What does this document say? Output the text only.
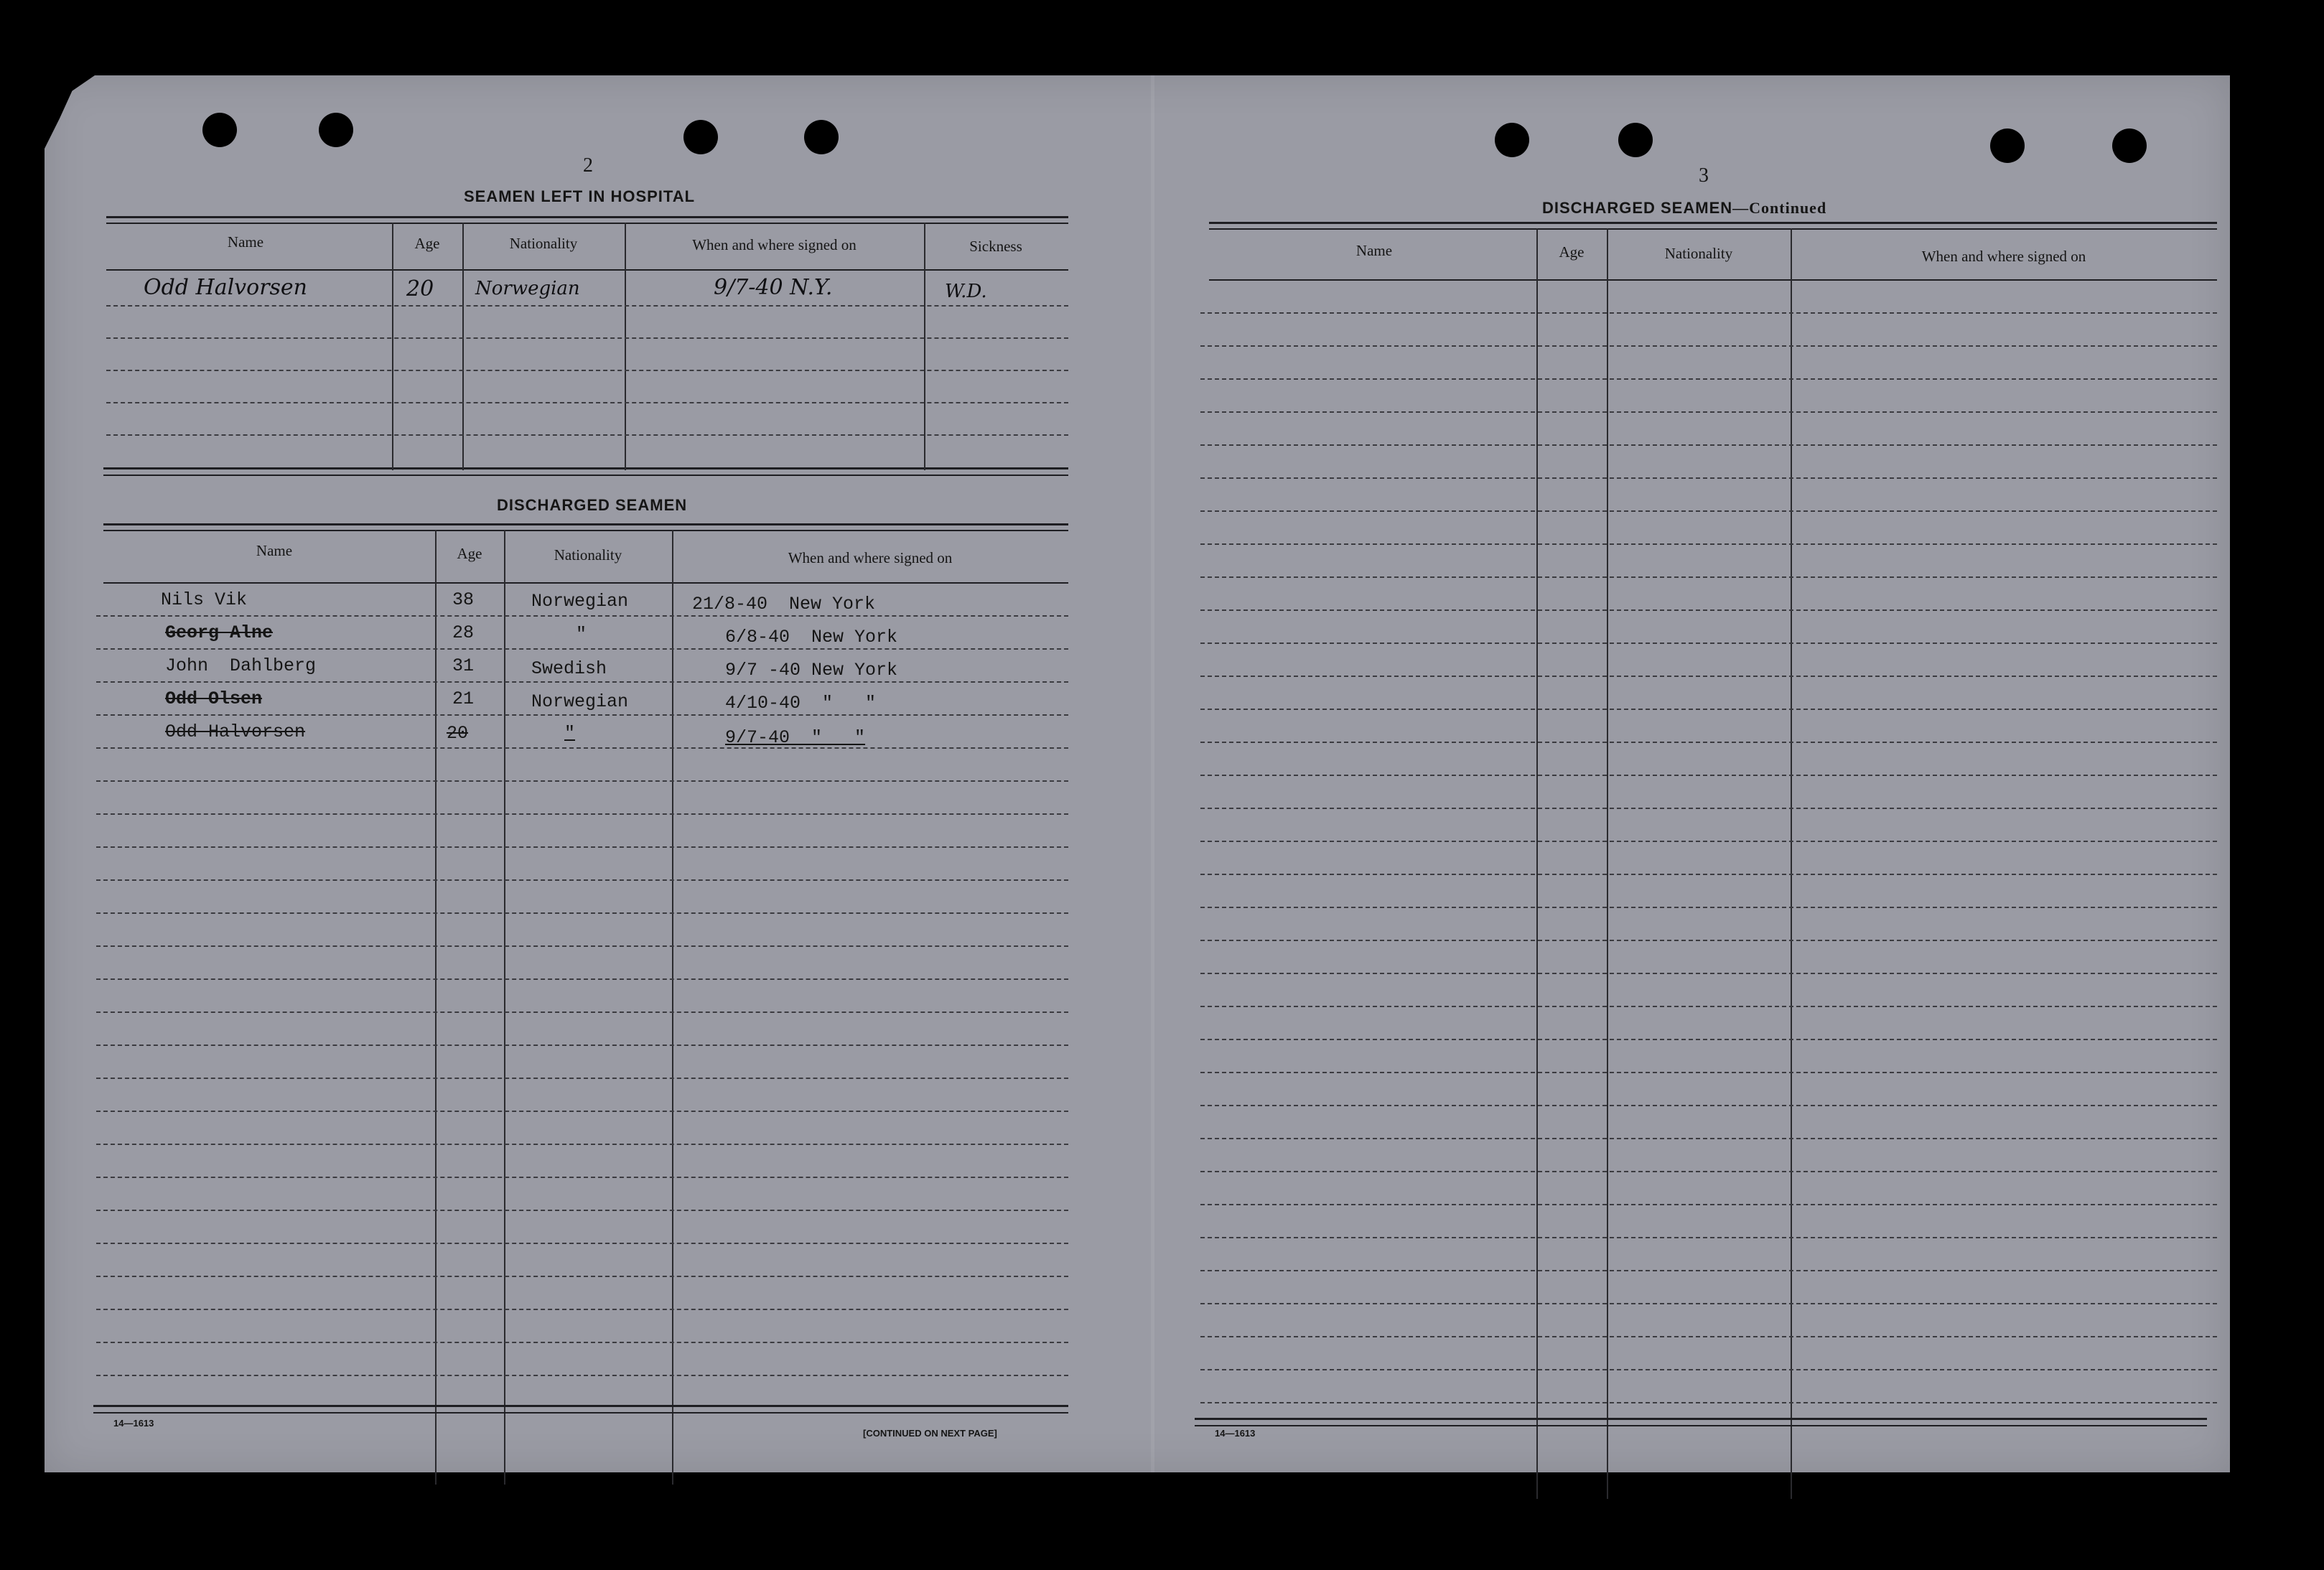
2
SEAMEN LEFT IN HOSPITAL
Name	Age	Nationality	When and where signed on	Sickness
Odd Halvorsen	20 Norwegian	9/7-40 N.Y.	W.D.
DISCHARGED SEAMEN
Name	Age	Nationality	When and where signed on
Nils Vik	38	Norwegian	21/8-40  New York
Georg Alne	28	"	6/8-40  New York
John  Dahlberg	31	Swedish	9/7 -40 New York
Odd Olsen	21	Norwegian	4/10-40  "   "
Odd Halvorsen	20	"	9/7-40  "   "
14—1613
[CONTINUED ON NEXT PAGE]
3
DISCHARGED SEAMEN—Continued
Name	Age	Nationality	When and where signed on
14—1613
